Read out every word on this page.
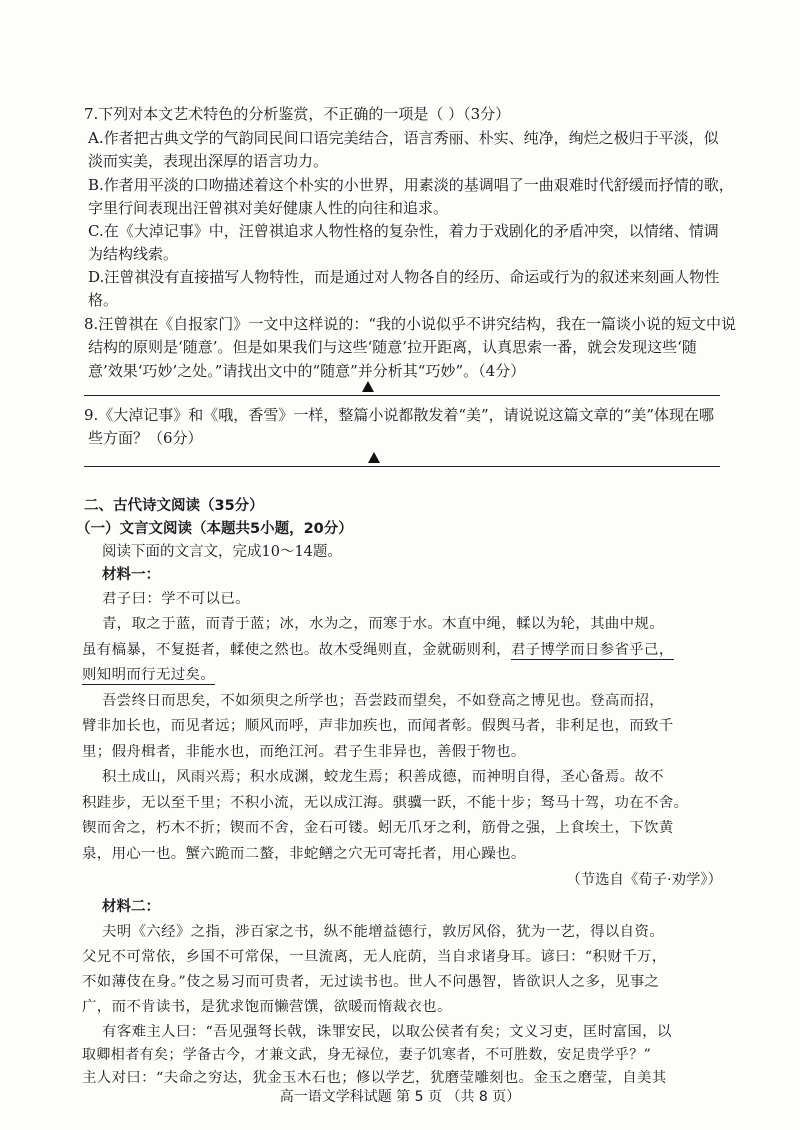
7.下列对本文艺术特色的分析鉴赏，不正确的一项是（ ）（3分）
A.作者把古典文学的气韵同民间口语完美结合，语言秀丽、朴实、纯净，绚烂之极归于平淡，似
淡而实美，表现出深厚的语言功力。
B.作者用平淡的口吻描述着这个朴实的小世界，用素淡的基调唱了一曲艰难时代舒缓而抒情的歌，
字里行间表现出汪曾祺对美好健康人性的向往和追求。
C.在《大淖记事》中，汪曾祺追求人物性格的复杂性，着力于戏剧化的矛盾冲突，以情绪、情调
为结构线索。
D.汪曾祺没有直接描写人物特性，而是通过对人物各自的经历、命运或行为的叙述来刻画人物性
格。
8.汪曾祺在《自报家门》一文中这样说的：“我的小说似乎不讲究结构，我在一篇谈小说的短文中说
结构的原则是‘随意’。但是如果我们与这些‘随意’拉开距离，认真思索一番，就会发现这些‘随
意’效果‘巧妙’之处。”请找出文中的“随意”并分析其“巧妙”。（4分）
9.《大淖记事》和《哦，香雪》一样，整篇小说都散发着“美”，请说说这篇文章的“美”体现在哪
些方面？（6分）
二、古代诗文阅读（35分）
（一）文言文阅读（本题共5小题，20分）
阅读下面的文言文，完成10～14题。
材料一：
君子曰：学不可以已。
青，取之于蓝，而青于蓝；冰，水为之，而寒于水。木直中绳，輮以为轮，其曲中规。
虽有槁暴，不复挺者，輮使之然也。故木受绳则直，金就砺则利，君子博学而日参省乎己，
则知明而行无过矣。
吾尝终日而思矣，不如须臾之所学也；吾尝跂而望矣，不如登高之博见也。登高而招，
臂非加长也，而见者远；顺风而呼，声非加疾也，而闻者彰。假舆马者，非利足也，而致千
里；假舟楫者，非能水也，而绝江河。君子生非异也，善假于物也。
积土成山，风雨兴焉；积水成渊，蛟龙生焉；积善成德，而神明自得，圣心备焉。故不
积跬步，无以至千里；不积小流，无以成江海。骐骥一跃，不能十步；驽马十驾，功在不舍。
锲而舍之，朽木不折；锲而不舍，金石可镂。蚓无爪牙之利，筋骨之强，上食埃土，下饮黄
泉，用心一也。蟹六跪而二螯，非蛇鳝之穴无可寄托者，用心躁也。
（节选自《荀子·劝学》）
材料二：
夫明《六经》之指，涉百家之书，纵不能增益德行，敦厉风俗，犹为一艺，得以自资。
父兄不可常依，乡国不可常保，一旦流离，无人庇荫，当自求诸身耳。谚曰：“积财千万，
不如薄伎在身。”伎之易习而可贵者，无过读书也。世人不问愚智，皆欲识人之多，见事之
广，而不肯读书，是犹求饱而懒营馔，欲暖而惰裁衣也。
有客难主人曰：“吾见强弩长戟，诛罪安民，以取公侯者有矣；文义习吏，匡时富国，以
取卿相者有矣；学备古今，才兼文武，身无禄位，妻子饥寒者，不可胜数，安足贵学乎？”
高一语文学科试题 第 5 页 （共 8 页）
主人对曰：“夫命之穷达，犹金玉木石也；修以学艺，犹磨莹雕刻也。金玉之磨莹，自美其
